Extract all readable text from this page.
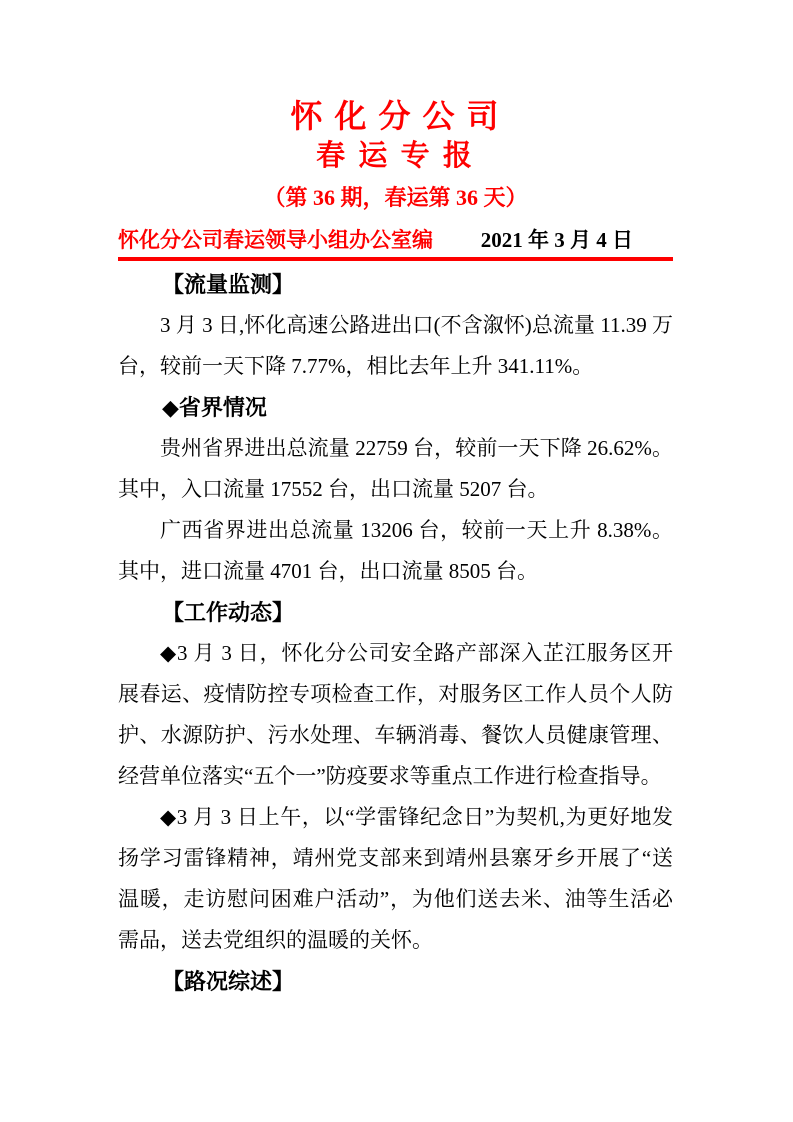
怀 化 分 公 司
春 运 专 报
（第 36 期，春运第 36 天）
怀化分公司春运领导小组办公室编 2021 年 3 月 4 日

【流量监测】

3 月 3 日,怀化高速公路进出口(不含溆怀)总流量 11.39 万台，较前一天下降 7.77%，相比去年上升 341.11%。

◆省界情况

贵州省界进出总流量 22759 台，较前一天下降 26.62%。其中，入口流量 17552 台，出口流量 5207 台。

广西省界进出总流量 13206 台，较前一天上升 8.38%。其中，进口流量 4701 台，出口流量 8505 台。

【工作动态】

◆3 月 3 日，怀化分公司安全路产部深入芷江服务区开展春运、疫情防控专项检查工作，对服务区工作人员个人防护、水源防护、污水处理、车辆消毒、餐饮人员健康管理、经营单位落实“五个一”防疫要求等重点工作进行检查指导。

◆3 月 3 日上午，以“学雷锋纪念日”为契机,为更好地发扬学习雷锋精神，靖州党支部来到靖州县寨牙乡开展了“送温暖，走访慰问困难户活动”，为他们送去米、油等生活必需品，送去党组织的温暖的关怀。

【路况综述】
